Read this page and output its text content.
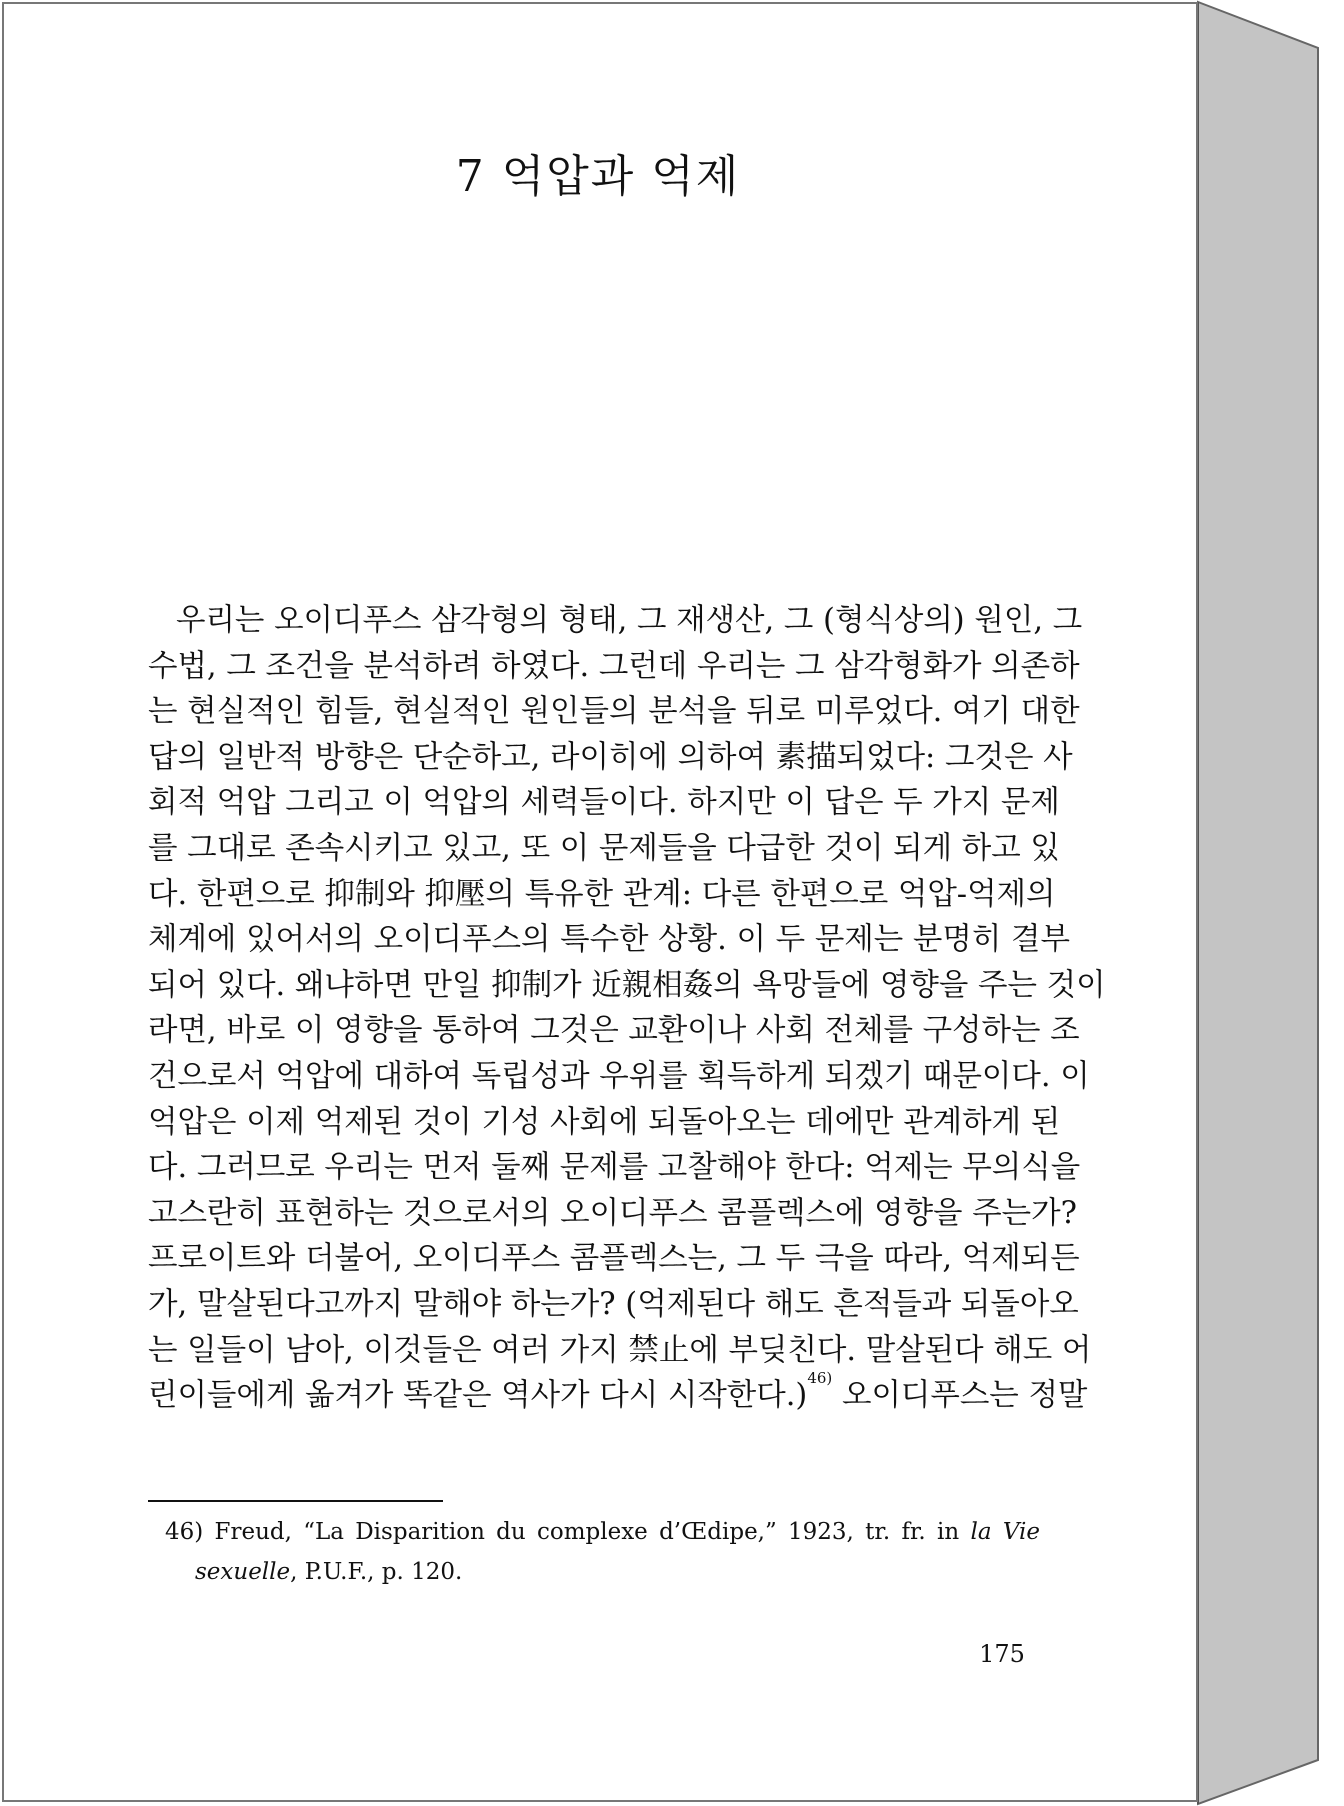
7 억압과 억제
우리는 오이디푸스 삼각형의 형태, 그 재생산, 그 (형식상의) 원인, 그
수법, 그 조건을 분석하려 하였다. 그런데 우리는 그 삼각형화가 의존하
는 현실적인 힘들, 현실적인 원인들의 분석을 뒤로 미루었다. 여기 대한
답의 일반적 방향은 단순하고, 라이히에 의하여 素描되었다: 그것은 사
회적 억압 그리고 이 억압의 세력들이다. 하지만 이 답은 두 가지 문제
를 그대로 존속시키고 있고, 또 이 문제들을 다급한 것이 되게 하고 있
다. 한편으로 抑制와 抑壓의 특유한 관계: 다른 한편으로 억압-억제의
체계에 있어서의 오이디푸스의 특수한 상황. 이 두 문제는 분명히 결부
되어 있다. 왜냐하면 만일 抑制가 近親相姦의 욕망들에 영향을 주는 것이
라면, 바로 이 영향을 통하여 그것은 교환이나 사회 전체를 구성하는 조
건으로서 억압에 대하여 독립성과 우위를 획득하게 되겠기 때문이다. 이
억압은 이제 억제된 것이 기성 사회에 되돌아오는 데에만 관계하게 된
다. 그러므로 우리는 먼저 둘째 문제를 고찰해야 한다: 억제는 무의식을
고스란히 표현하는 것으로서의 오이디푸스 콤플렉스에 영향을 주는가?
프로이트와 더불어, 오이디푸스 콤플렉스는, 그 두 극을 따라, 억제되든
가, 말살된다고까지 말해야 하는가? (억제된다 해도 흔적들과 되돌아오
는 일들이 남아, 이것들은 여러 가지 禁止에 부딪친다. 말살된다 해도 어
린이들에게 옮겨가 똑같은 역사가 다시 시작한다.)$^{46)}$ 오이디푸스는 정말
46) Freud, “La Disparition du complexe d’Œdipe,” 1923, tr. fr. in la Vie
sexuelle, P.U.F., p. 120.
175
